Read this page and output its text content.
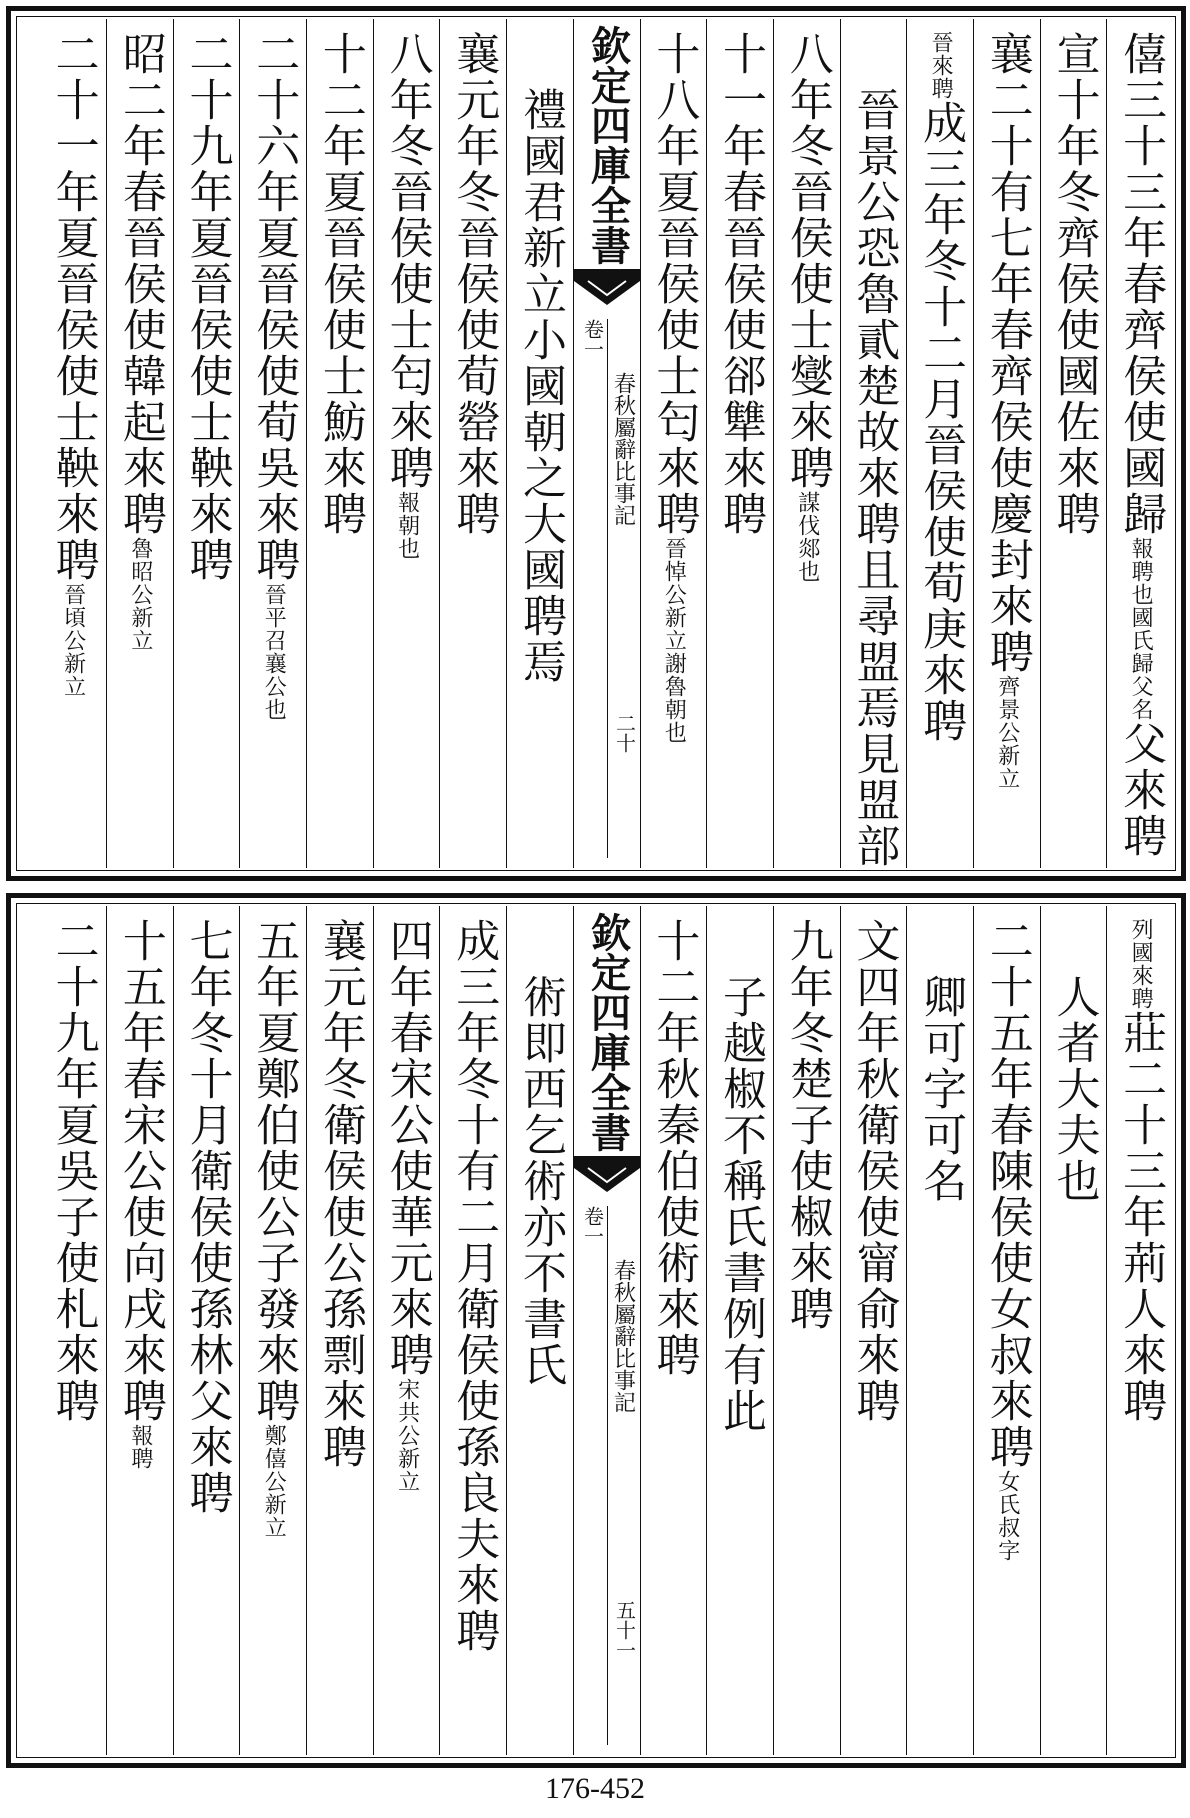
僖三十三年春齊侯使國歸報聘也國氏歸父名父來聘
宣十年冬齊侯使國佐來聘
襄二十有七年春齊侯使慶封來聘齊景公新立
晉來聘成三年冬十二月晉侯使荀庚來聘
晉景公恐魯貳楚故來聘且尋盟焉見盟部
八年冬晉侯使士燮來聘謀伐郯也
十一年春晉侯使郤犨來聘
十八年夏晉侯使士匄來聘晉悼公新立謝魯朝也
欽定四庫全書
春秋屬辭比事記
卷一
二十
禮國君新立小國朝之大國聘焉
襄元年冬晉侯使荀罃來聘
八年冬晉侯使士匄來聘報朝也
十二年夏晉侯使士魴來聘
二十六年夏晉侯使荀吳來聘晉平召襄公也
二十九年夏晉侯使士鞅來聘
昭二年春晉侯使韓起來聘魯昭公新立
二十一年夏晉侯使士鞅來聘晉頃公新立
列國來聘莊二十三年荊人來聘
人者大夫也
二十五年春陳侯使女叔來聘女氏叔字
卿可字可名
文四年秋衛侯使甯俞來聘
九年冬楚子使椒來聘
子越椒不稱氏書例有此
十二年秋秦伯使術來聘
欽定四庫全書
春秋屬辭比事記
卷一
五十一
術即西乞術亦不書氏
成三年冬十有二月衛侯使孫良夫來聘
四年春宋公使華元來聘宋共公新立
襄元年冬衛侯使公孫剽來聘
五年夏鄭伯使公子發來聘鄭僖公新立
七年冬十月衛侯使孫林父來聘
十五年春宋公使向戌來聘報聘
二十九年夏吳子使札來聘
176-452
